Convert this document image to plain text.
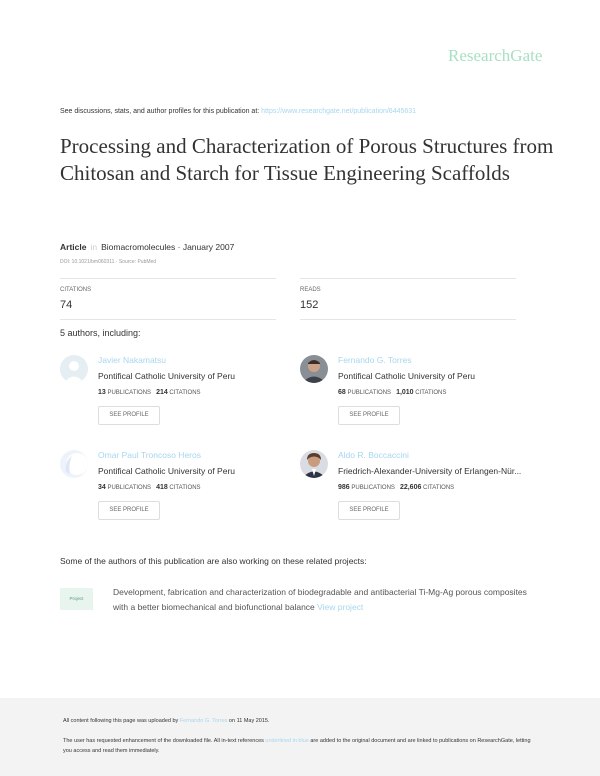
ResearchGate
See discussions, stats, and author profiles for this publication at: https://www.researchgate.net/publication/6445631
Processing and Characterization of Porous Structures from Chitosan and Starch for Tissue Engineering Scaffolds
Article in Biomacromolecules · January 2007
DOI: 10.1021/bm060311 · Source: PubMed
CITATIONS
74
READS
152
5 authors, including:
Javier Nakamatsu
Pontifical Catholic University of Peru
13 PUBLICATIONS 214 CITATIONS
SEE PROFILE
Fernando G. Torres
Pontifical Catholic University of Peru
68 PUBLICATIONS 1,010 CITATIONS
SEE PROFILE
Omar Paul Troncoso Heros
Pontifical Catholic University of Peru
34 PUBLICATIONS 418 CITATIONS
SEE PROFILE
Aldo R. Boccaccini
Friedrich-Alexander-University of Erlangen-Nür...
986 PUBLICATIONS 22,606 CITATIONS
SEE PROFILE
Some of the authors of this publication are also working on these related projects:
Project
Development, fabrication and characterization of biodegradable and antibacterial Ti-Mg-Ag porous composites with a better biomechanical and biofunctional balance View project
All content following this page was uploaded by Fernando G. Torres on 11 May 2015.
The user has requested enhancement of the downloaded file. All in-text references underlined in blue are added to the original document and are linked to publications on ResearchGate, letting you access and read them immediately.
